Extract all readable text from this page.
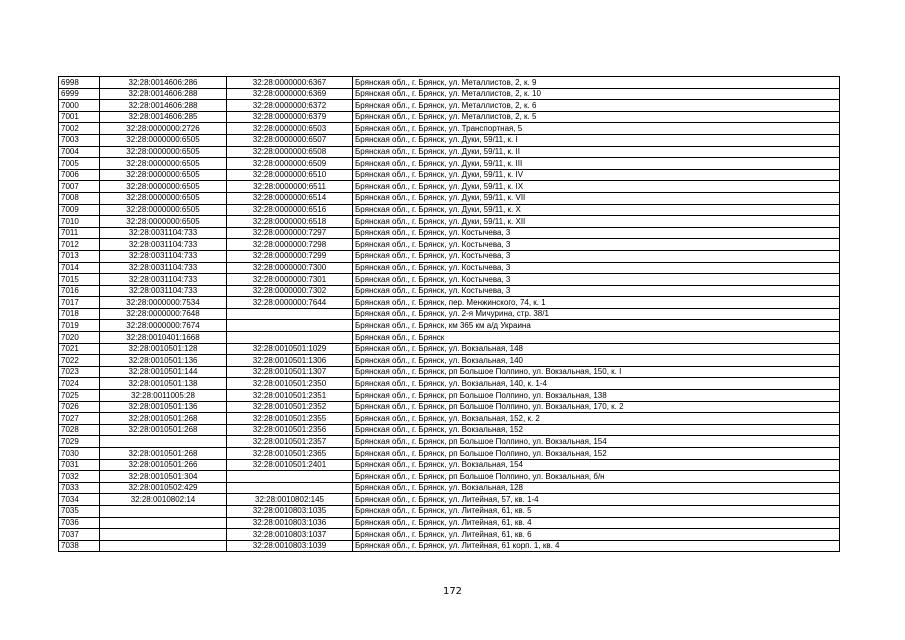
6998	32:28:0014606:286	32:28:0000000:6367	Брянская обл., г. Брянск, ул. Металлистов, 2, к. 9
6999	32:28:0014606:288	32:28:0000000:6369	Брянская обл., г. Брянск, ул. Металлистов, 2, к. 10
7000	32:28:0014606:288	32:28:0000000:6372	Брянская обл., г. Брянск, ул. Металлистов, 2, к. 6
7001	32:28:0014606:285	32:28:0000000:6379	Брянская обл., г. Брянск, ул. Металлистов, 2, к. 5
7002	32:28:0000000:2726	32:28:0000000:6503	Брянская обл., г. Брянск, ул. Транспортная, 5
7003	32:28:0000000:6505	32:28:0000000:6507	Брянская обл., г. Брянск, ул. Дуки, 59/11, к. I
7004	32:28:0000000:6505	32:28:0000000:6508	Брянская обл., г. Брянск, ул. Дуки, 59/11, к. II
7005	32:28:0000000:6505	32:28:0000000:6509	Брянская обл., г. Брянск, ул. Дуки, 59/11, к. III
7006	32:28:0000000:6505	32:28:0000000:6510	Брянская обл., г. Брянск, ул. Дуки, 59/11, к. IV
7007	32:28:0000000:6505	32:28:0000000:6511	Брянская обл., г. Брянск, ул. Дуки, 59/11, к. IX
7008	32:28:0000000:6505	32:28:0000000:6514	Брянская обл., г. Брянск, ул. Дуки, 59/11, к. VII
7009	32:28:0000000:6505	32:28:0000000:6516	Брянская обл., г. Брянск, ул. Дуки, 59/11, к. X
7010	32:28:0000000:6505	32:28:0000000:6518	Брянская обл., г. Брянск, ул. Дуки, 59/11, к. XII
7011	32:28:0031104:733	32:28:0000000:7297	Брянская обл., г. Брянск, ул. Костычева, 3
7012	32:28:0031104:733	32:28:0000000:7298	Брянская обл., г. Брянск, ул. Костычева, 3
7013	32:28:0031104:733	32:28:0000000:7299	Брянская обл., г. Брянск, ул. Костычева, 3
7014	32:28:0031104:733	32:28:0000000:7300	Брянская обл., г. Брянск, ул. Костычева, 3
7015	32:28:0031104:733	32:28:0000000:7301	Брянская обл., г. Брянск, ул. Костычева, 3
7016	32:28:0031104:733	32:28:0000000:7302	Брянская обл., г. Брянск, ул. Костычева, 3
7017	32:28:0000000:7534	32:28:0000000:7644	Брянская обл., г. Брянск, пер. Менжинского, 74, к. 1
7018	32:28:0000000:7648		Брянская обл., г. Брянск, ул. 2-я Мичурина, стр. 38/1
7019	32:28:0000000:7674		Брянская обл., г. Брянск, км 365 км а/д Украина
7020	32:28:0010401:1668		Брянская обл., г. Брянск
7021	32:28:0010501:128	32:28:0010501:1029	Брянская обл., г. Брянск, ул. Вокзальная, 148
7022	32:28:0010501:136	32:28:0010501:1306	Брянская обл., г. Брянск, ул. Вокзальная, 140
7023	32:28:0010501:144	32:28:0010501:1307	Брянская обл., г. Брянск, рп Большое Полпино, ул. Вокзальная, 150, к. I
7024	32:28:0010501:138	32:28:0010501:2350	Брянская обл., г. Брянск, ул. Вокзальная, 140, к. 1-4
7025	32:28:0011005:28	32:28:0010501:2351	Брянская обл., г. Брянск, рп Большое Полпино, ул. Вокзальная, 138
7026	32:28:0010501:136	32:28:0010501:2352	Брянская обл., г. Брянск, рп Большое Полпино, ул. Вокзальная, 170, к. 2
7027	32:28:0010501:268	32:28:0010501:2355	Брянская обл., г. Брянск, ул. Вокзальная, 152, к. 2
7028	32:28:0010501:268	32:28:0010501:2356	Брянская обл., г. Брянск, ул. Вокзальная, 152
7029		32:28:0010501:2357	Брянская обл., г. Брянск, рп Большое Полпино, ул. Вокзальная, 154
7030	32:28:0010501:268	32:28:0010501:2365	Брянская обл., г. Брянск, рп Большое Полпино, ул. Вокзальная, 152
7031	32:28:0010501:266	32:28:0010501:2401	Брянская обл., г. Брянск, ул. Вокзальная, 154
7032	32:28:0010501:304		Брянская обл., г. Брянск, рп Большое Полпино, ул. Вокзальная, б/н
7033	32:28:0010502:429		Брянская обл., г. Брянск, ул. Вокзальная, 128
7034	32:28:0010802:14	32:28:0010802:145	Брянская обл., г. Брянск, ул. Литейная, 57, кв. 1-4
7035		32:28:0010803:1035	Брянская обл., г. Брянск, ул. Литейная, 61, кв. 5
7036		32:28:0010803:1036	Брянская обл., г. Брянск, ул. Литейная, 61, кв. 4
7037		32:28:0010803:1037	Брянская обл., г. Брянск, ул. Литейная, 61, кв. 6
7038		32:28:0010803:1039	Брянская обл., г. Брянск, ул. Литейная, 61 корп. 1, кв. 4
172
